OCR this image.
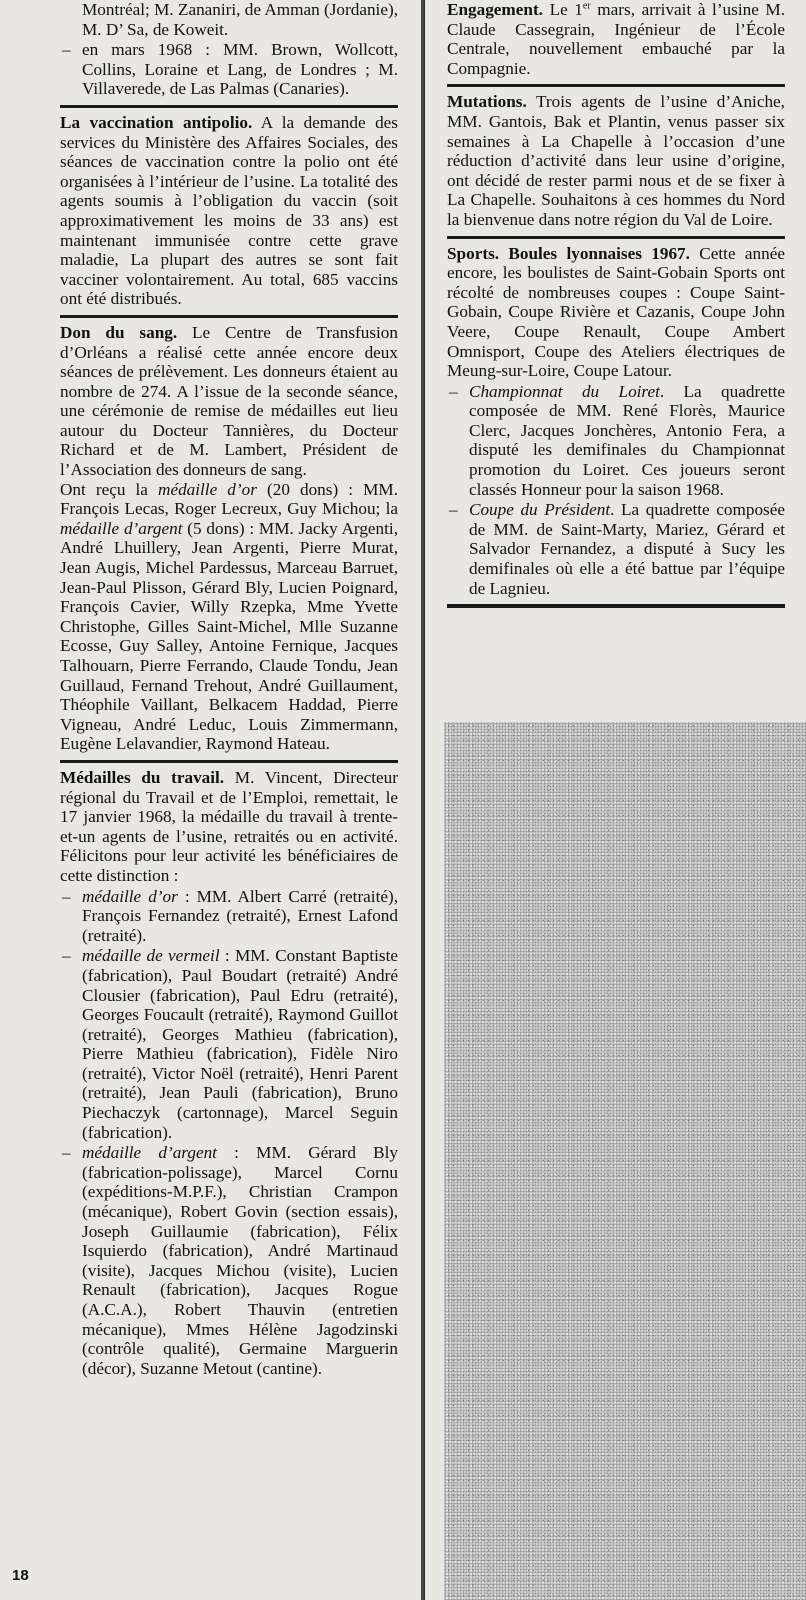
Montréal; M. Zananiri, de Amman (Jordanie), M. D’ Sa, de Koweit.

– en mars 1968 : MM. Brown, Wollcott, Collins, Loraine et Lang, de Londres ; M. Villaverede, de Las Palmas (Canaries).

La vaccination antipolio. A la demande des services du Ministère des Affaires Sociales, des séances de vaccination contre la polio ont été organisées à l’intérieur de l’usine. La totalité des agents soumis à l’obligation du vaccin (soit approximativement les moins de 33 ans) est maintenant immunisée contre cette grave maladie, La plupart des autres se sont fait vacciner volontairement. Au total, 685 vaccins ont été distribués.

Don du sang. Le Centre de Transfusion d’Orléans a réalisé cette année encore deux séances de prélèvement. Les donneurs étaient au nombre de 274. A l’issue de la seconde séance, une cérémonie de remise de médailles eut lieu autour du Docteur Tannières, du Docteur Richard et de M. Lambert, Président de l’Association des donneurs de sang.

Ont reçu la médaille d’or (20 dons) : MM. François Lecas, Roger Lecreux, Guy Michou; la médaille d’argent (5 dons) : MM. Jacky Argenti, André Lhuillery, Jean Argenti, Pierre Murat, Jean Augis, Michel Pardessus, Marceau Barruet, Jean-Paul Plisson, Gérard Bly, Lucien Poignard, François Cavier, Willy Rzepka, Mme Yvette Christophe, Gilles Saint-Michel, Mlle Suzanne Ecosse, Guy Salley, Antoine Fernique, Jacques Talhouarn, Pierre Ferrando, Claude Tondu, Jean Guillaud, Fernand Trehout, André Guillaument, Théophile Vaillant, Belkacem Haddad, Pierre Vigneau, André Leduc, Louis Zimmermann, Eugène Lelavandier, Raymond Hateau.

Médailles du travail. M. Vincent, Directeur régional du Travail et de l’Emploi, remettait, le 17 janvier 1968, la médaille du travail à trente-et-un agents de l’usine, retraités ou en activité. Félicitons pour leur activité les bénéficiaires de cette distinction :

– médaille d’or : MM. Albert Carré (retraité), François Fernandez (retraité), Ernest Lafond (retraité).

– médaille de vermeil : MM. Constant Baptiste (fabrication), Paul Boudart (retraité) André Clousier (fabrication), Paul Edru (retraité), Georges Foucault (retraité), Raymond Guillot (retraité), Georges Mathieu (fabrication), Pierre Mathieu (fabrication), Fidèle Niro (retraité), Victor Noël (retraité), Henri Parent (retraité), Jean Pauli (fabrication), Bruno Piechaczyk (cartonnage), Marcel Seguin (fabrication).

– médaille d’argent : MM. Gérard Bly (fabrication-polissage), Marcel Cornu (expéditions-M.P.F.), Christian Crampon (mécanique), Robert Govin (section essais), Joseph Guillaumie (fabrication), Félix Isquierdo (fabrication), André Martinaud (visite), Jacques Michou (visite), Lucien Renault (fabrication), Jacques Rogue (A.C.A.), Robert Thauvin (entretien mécanique), Mmes Hélène Jagodzinski (contrôle qualité), Germaine Marguerin (décor), Suzanne Metout (cantine).

Engagement. Le 1er mars, arrivait à l’usine M. Claude Cassegrain, Ingénieur de l’École Centrale, nouvellement embauché par la Compagnie.

Mutations. Trois agents de l’usine d’Aniche, MM. Gantois, Bak et Plantin, venus passer six semaines à La Chapelle à l’occasion d’une réduction d’activité dans leur usine d’origine, ont décidé de rester parmi nous et de se fixer à La Chapelle. Souhaitons à ces hommes du Nord la bienvenue dans notre région du Val de Loire.

Sports. Boules lyonnaises 1967. Cette année encore, les boulistes de Saint-Gobain Sports ont récolté de nombreuses coupes : Coupe Saint-Gobain, Coupe Rivière et Cazanis, Coupe John Veere, Coupe Renault, Coupe Ambert Omnisport, Coupe des Ateliers électriques de Meung-sur-Loire, Coupe Latour.

– Championnat du Loiret. La quadrette composée de MM. René Florès, Maurice Clerc, Jacques Jonchères, Antonio Fera, a disputé les demifinales du Championnat promotion du Loiret. Ces joueurs seront classés Honneur pour la saison 1968.

– Coupe du Président. La quadrette composée de MM. de Saint-Marty, Mariez, Gérard et Salvador Fernandez, a disputé à Sucy les demifinales où elle a été battue par l’équipe de Lagnieu.

18
